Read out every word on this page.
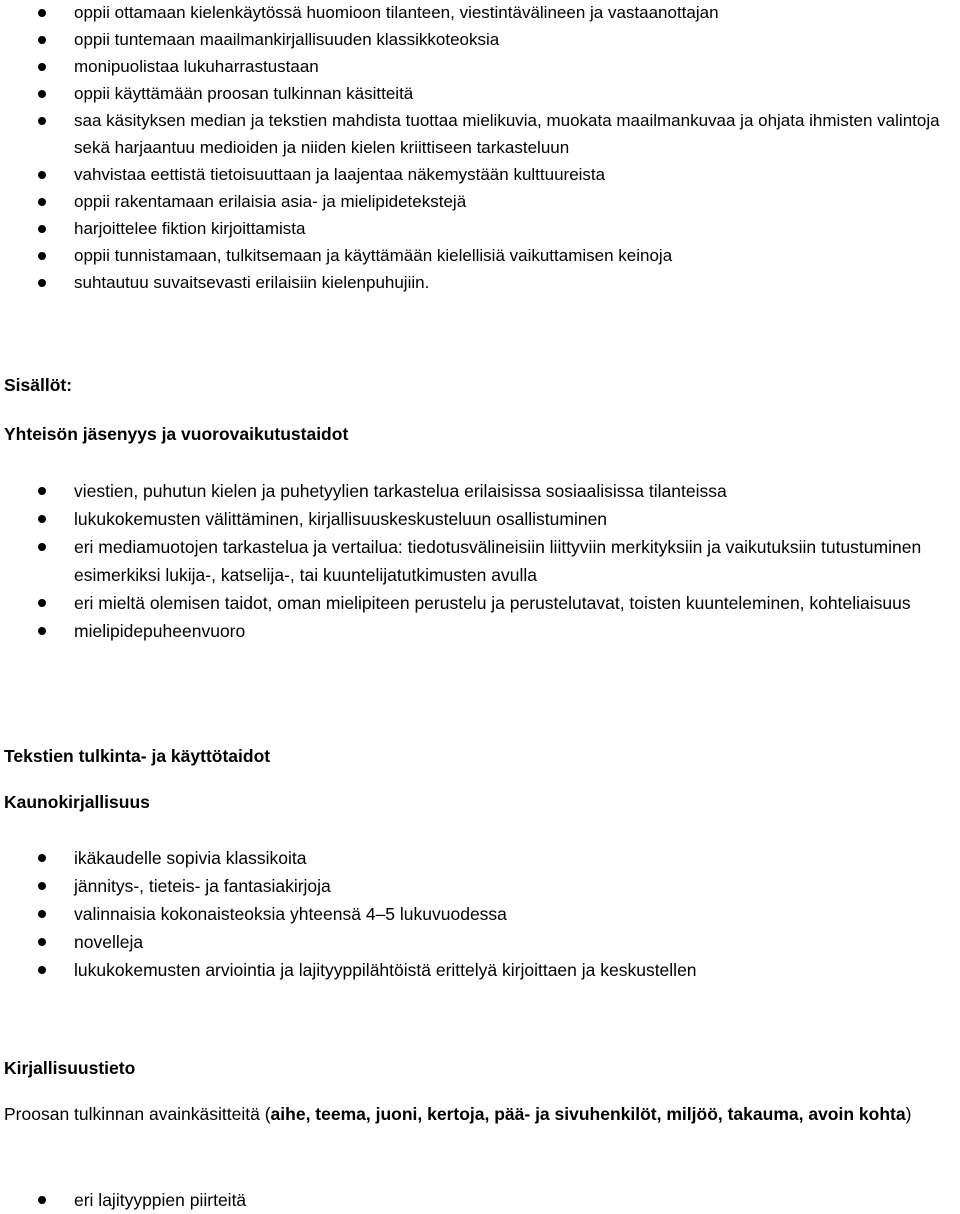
oppii ottamaan kielenkäytössä huomioon tilanteen, viestintävälineen ja vastaanottajan
oppii tuntemaan maailmankirjallisuuden klassikkoteoksia
monipuolistaa lukuharrastustaan
oppii käyttämään proosan tulkinnan käsitteitä
saa käsityksen median ja tekstien mahdista tuottaa mielikuvia, muokata maailmankuvaa ja ohjata ihmisten valintoja sekä harjaantuu medioiden ja niiden kielen kriittiseen tarkasteluun
vahvistaa eettistä tietoisuuttaan ja laajentaa näkemystään kulttuureista
oppii rakentamaan erilaisia asia- ja mielipidetekstejä
harjoittelee fiktion kirjoittamista
oppii tunnistamaan, tulkitsemaan ja käyttämään kielellisiä vaikuttamisen keinoja
suhtautuu suvaitsevasti erilaisiin kielenpuhujiin.
Sisällöt:
Yhteisön jäsenyys ja vuorovaikutustaidot
viestien, puhutun kielen ja puhetyylien tarkastelua erilaisissa sosiaalisissa tilanteissa
lukukokemusten välittäminen, kirjallisuuskeskusteluun osallistuminen
eri mediamuotojen tarkastelua ja vertailua: tiedotusvälineisiin liittyviin merkityksiin ja vaikutuksiin tutustuminen esimerkiksi lukija-, katselija-, tai kuuntelijatutkimusten avulla
eri mieltä olemisen taidot, oman mielipiteen perustelu ja perustelutavat, toisten kuunteleminen, kohteliaisuus
mielipidepuheenvuoro
Tekstien tulkinta- ja käyttötaidot
Kaunokirjallisuus
ikäkaudelle sopivia klassikoita
jännitys-, tieteis- ja fantasiakirjoja
valinnaisia kokonaisteoksia yhteensä 4–5 lukuvuodessa
novelleja
lukukokemusten arviointia ja lajityyppilähtöistä erittelyä kirjoittaen ja keskustellen
Kirjallisuustieto
Proosan tulkinnan avainkäsitteitä (aihe, teema, juoni, kertoja, pää- ja sivuhenkilöt, miljöö, takauma, avoin kohta)
eri lajityyppien piirteitä
